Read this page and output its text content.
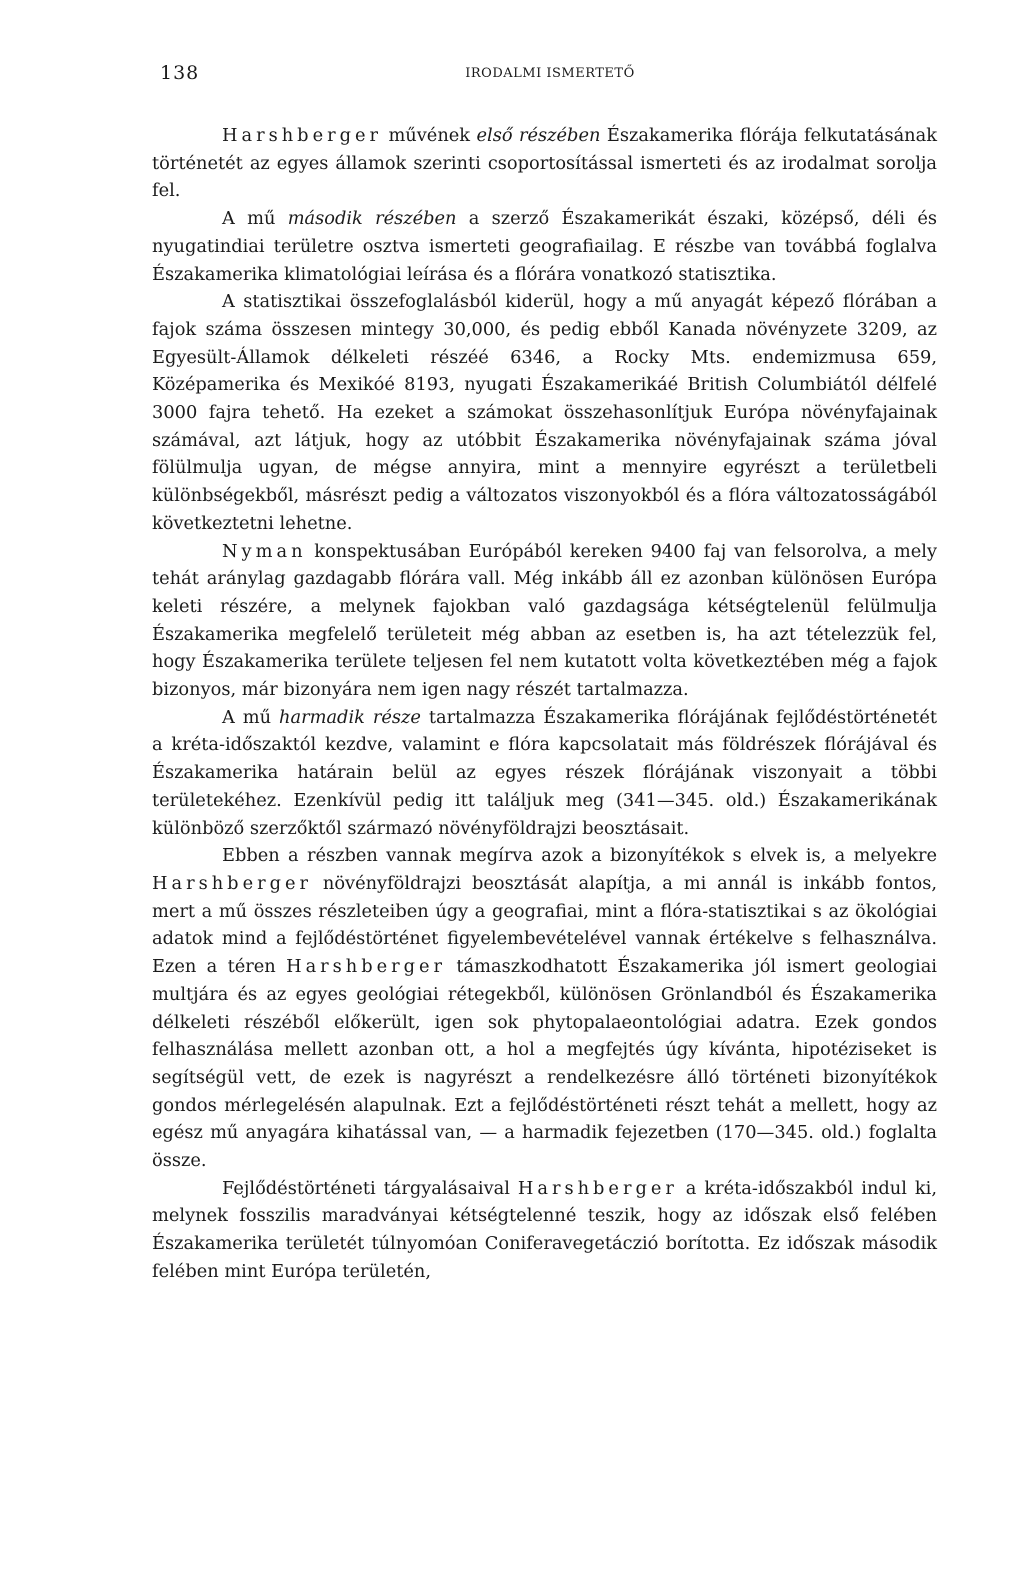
138	IRODALMI ISMERTETŐ

Harshberger művének első részében Északamerika flórája felkutatásának történetét az egyes államok szerinti csoportosítással ismerteti és az irodalmat sorolja fel.

A mű második részében a szerző Északamerikát északi, középső, déli és nyugatindiai területre osztva ismerteti geografiailag. E részbe van továbbá foglalva Északamerika klimatológiai leírása és a flórára vonatkozó statisztika.

A statisztikai összefoglalásból kiderül, hogy a mű anyagát képező flórában a fajok száma összesen mintegy 30,000, és pedig ebből Kanada növényzete 3209, az Egyesült-Államok délkeleti részéé 6346, a Rocky Mts. endemizmusa 659, Középamerika és Mexikóé 8193, nyugati Északamerikáé British Columbiától délfelé 3000 fajra tehető. Ha ezeket a számokat összehasonlítjuk Európa növényfajainak számával, azt látjuk, hogy az utóbbit Északamerika növényfajainak száma jóval fölülmulja ugyan, de mégse annyira, mint a mennyire egyrészt a területbeli különbségekből, másrészt pedig a változatos viszonyokból és a flóra változatosságából következtetni lehetne.

Nyman konspektusában Európából kereken 9400 faj van felsorolva, a mely tehát aránylag gazdagabb flórára vall. Még inkább áll ez azonban különösen Európa keleti részére, a melynek fajokban való gazdagsága kétségtelenül felülmulja Északamerika megfelelő területeit még abban az esetben is, ha azt tételezzük fel, hogy Északamerika területe teljesen fel nem kutatott volta következtében még a fajok bizonyos, már bizonyára nem igen nagy részét tartalmazza.

A mű harmadik része tartalmazza Északamerika flórájának fejlődéstörténetét a kréta-időszaktól kezdve, valamint e flóra kapcsolatait más földrészek flórájával és Északamerika határain belül az egyes részek flórájának viszonyait a többi területekéhez. Ezenkívül pedig itt találjuk meg (341—345. old.) Északamerikának különböző szerzőktől származó növényföldrajzi beosztásait.

Ebben a részben vannak megírva azok a bizonyítékok s elvek is, a melyekre Harshberger növényföldrajzi beosztását alapítja, a mi annál is inkább fontos, mert a mű összes részleteiben úgy a geografiai, mint a flóra-statisztikai s az ökológiai adatok mind a fejlődéstörténet figyelembevételével vannak értékelve s felhasználva. Ezen a téren Harshberger támaszkodhatott Északamerika jól ismert geologiai multjára és az egyes geológiai rétegekből, különösen Grönlandból és Északamerika délkeleti részéből előkerült, igen sok phytopalaeontológiai adatra. Ezek gondos felhasználása mellett azonban ott, a hol a megfejtés úgy kívánta, hipotéziseket is segítségül vett, de ezek is nagyrészt a rendelkezésre álló történeti bizonyítékok gondos mérlegelésén alapulnak. Ezt a fejlődéstörténeti részt tehát a mellett, hogy az egész mű anyagára kihatással van, — a harmadik fejezetben (170—345. old.) foglalta össze.

Fejlődéstörténeti tárgyalásaival Harshberger a kréta-időszakból indul ki, melynek fosszilis maradványai kétségtelenné teszik, hogy az időszak első felében Északamerika területét túlnyomóan Coniferavegetáczió borította. Ez időszak második felében mint Európa területén,
